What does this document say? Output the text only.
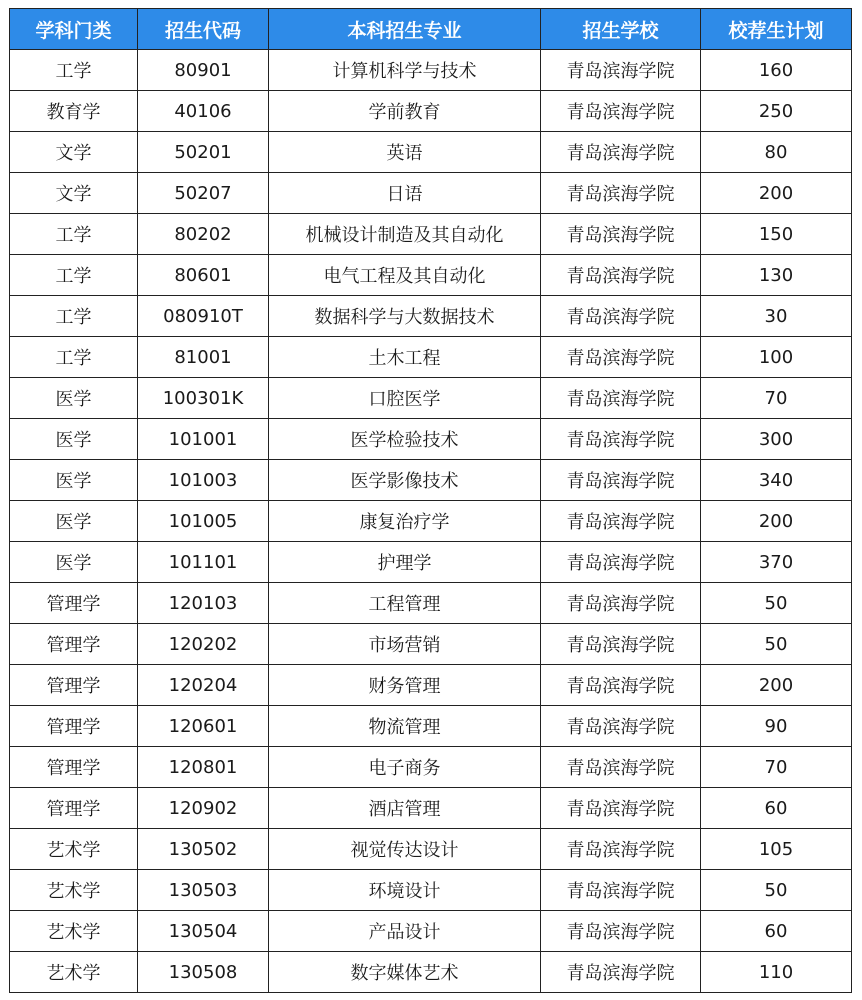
学科门类	招生代码	本科招生专业	招生学校	校荐生计划
工学	80901	计算机科学与技术	青岛滨海学院	160
教育学	40106	学前教育	青岛滨海学院	250
文学	50201	英语	青岛滨海学院	80
文学	50207	日语	青岛滨海学院	200
工学	80202	机械设计制造及其自动化	青岛滨海学院	150
工学	80601	电气工程及其自动化	青岛滨海学院	130
工学	080910T	数据科学与大数据技术	青岛滨海学院	30
工学	81001	土木工程	青岛滨海学院	100
医学	100301K	口腔医学	青岛滨海学院	70
医学	101001	医学检验技术	青岛滨海学院	300
医学	101003	医学影像技术	青岛滨海学院	340
医学	101005	康复治疗学	青岛滨海学院	200
医学	101101	护理学	青岛滨海学院	370
管理学	120103	工程管理	青岛滨海学院	50
管理学	120202	市场营销	青岛滨海学院	50
管理学	120204	财务管理	青岛滨海学院	200
管理学	120601	物流管理	青岛滨海学院	90
管理学	120801	电子商务	青岛滨海学院	70
管理学	120902	酒店管理	青岛滨海学院	60
艺术学	130502	视觉传达设计	青岛滨海学院	105
艺术学	130503	环境设计	青岛滨海学院	50
艺术学	130504	产品设计	青岛滨海学院	60
艺术学	130508	数字媒体艺术	青岛滨海学院	110
